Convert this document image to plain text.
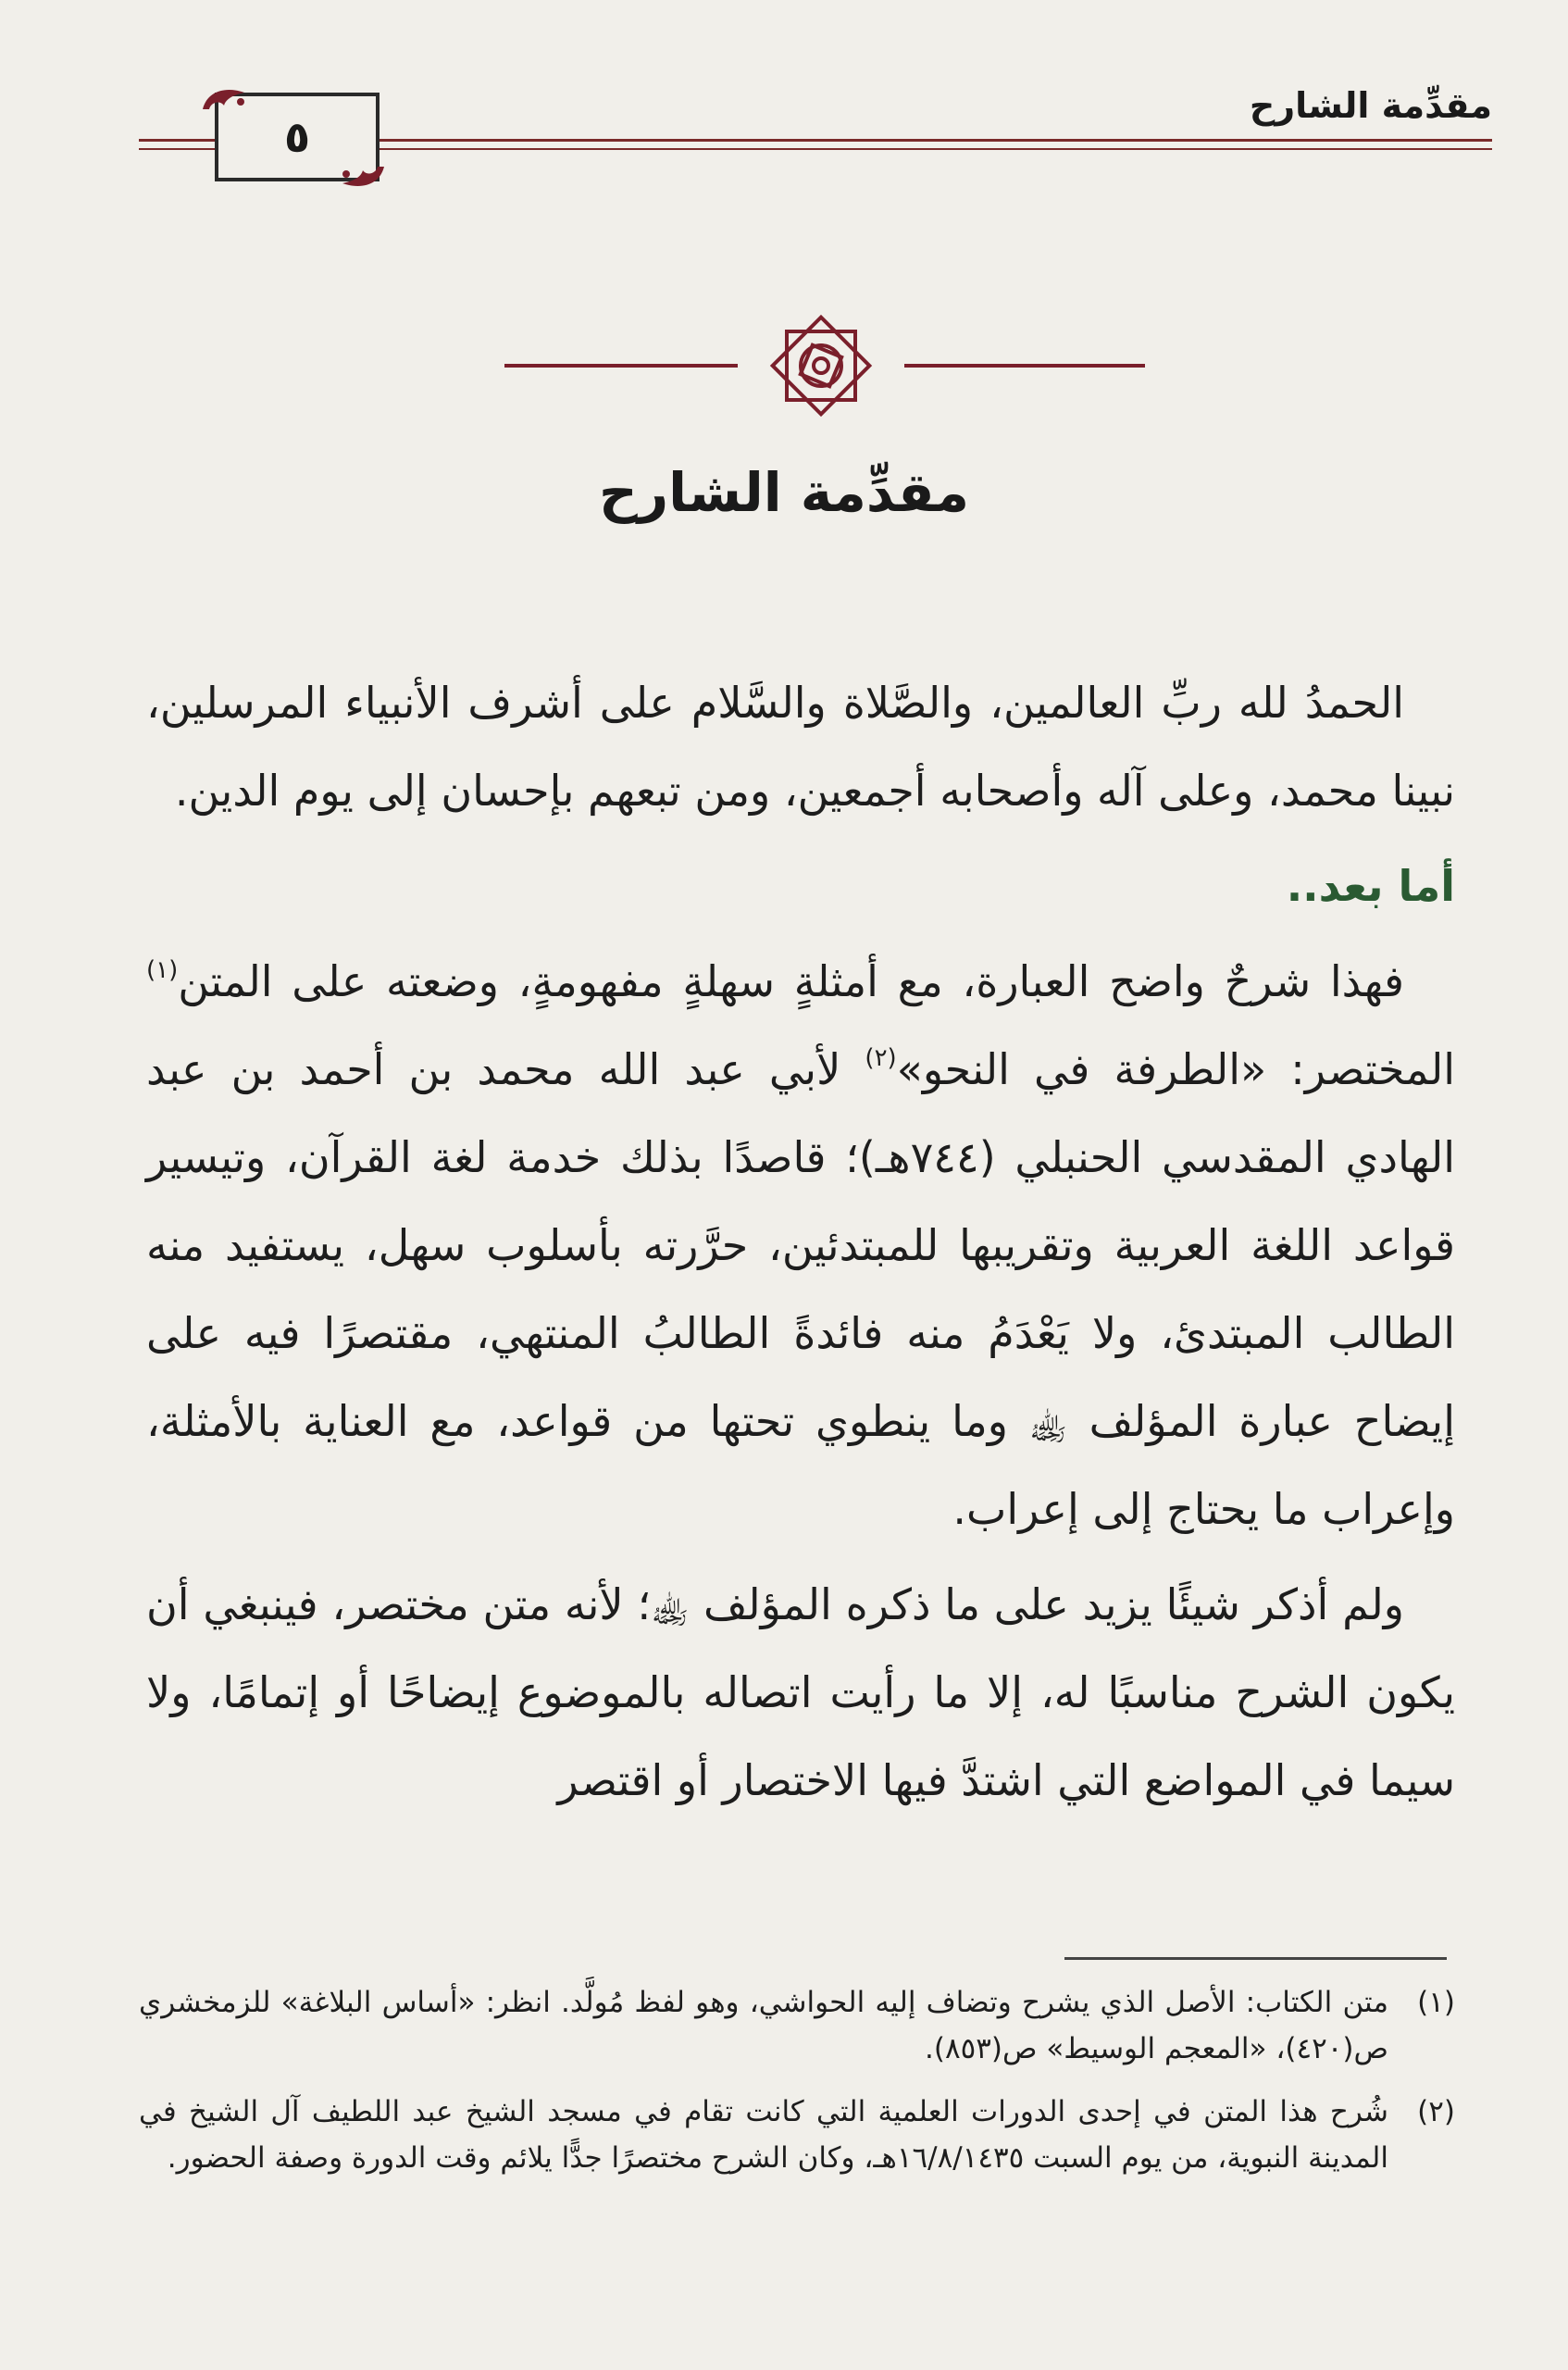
مقدِّمة الشارح
٥
مقدِّمة الشارح

الحمدُ لله ربِّ العالمين، والصَّلاة والسَّلام على أشرف الأنبياء المرسلين، نبينا محمد، وعلى آله وأصحابه أجمعين، ومن تبعهم بإحسان إلى يوم الدين.

أما بعد..

فهذا شرحٌ واضح العبارة، مع أمثلةٍ سهلةٍ مفهومةٍ، وضعته على المتن$^{(١)}$ المختصر: «الطرفة في النحو»$^{(٢)}$ لأبي عبد الله محمد بن أحمد بن عبد الهادي المقدسي الحنبلي (٧٤٤هـ)؛ قاصدًا بذلك خدمة لغة القرآن، وتيسير قواعد اللغة العربية وتقريبها للمبتدئين، حرَّرته بأسلوب سهل، يستفيد منه الطالب المبتدئ، ولا يَعْدَمُ منه فائدةً الطالبُ المنتهي، مقتصرًا فيه على إيضاح عبارة المؤلف ﵀ وما ينطوي تحتها من قواعد، مع العناية بالأمثلة، وإعراب ما يحتاج إلى إعراب.

ولم أذكر شيئًا يزيد على ما ذكره المؤلف ﵀؛ لأنه متن مختصر، فينبغي أن يكون الشرح مناسبًا له، إلا ما رأيت اتصاله بالموضوع إيضاحًا أو إتمامًا، ولا سيما في المواضع التي اشتدَّ فيها الاختصار أو اقتصر

(١)
متن الكتاب: الأصل الذي يشرح وتضاف إليه الحواشي، وهو لفظ مُولَّد. انظر: «أساس البلاغة» للزمخشري ص(٤٢٠)، «المعجم الوسيط» ص(٨٥٣).
(٢)
شُرح هذا المتن في إحدى الدورات العلمية التي كانت تقام في مسجد الشيخ عبد اللطيف آل الشيخ في المدينة النبوية، من يوم السبت ١٦/٨/١٤٣٥هـ، وكان الشرح مختصرًا جدًّا يلائم وقت الدورة وصفة الحضور.
